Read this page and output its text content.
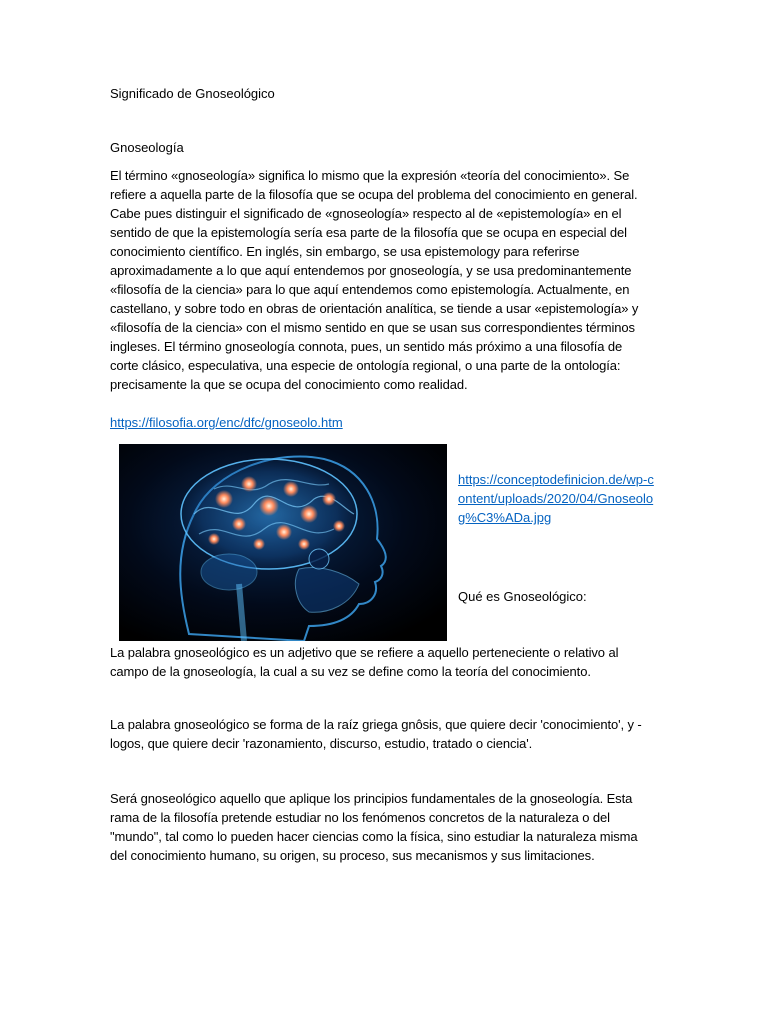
Significado de Gnoseológico
Gnoseología
El término «gnoseología» significa lo mismo que la expresión «teoría del conocimiento». Se refiere a aquella parte de la filosofía que se ocupa del problema del conocimiento en general. Cabe pues distinguir el significado de «gnoseología» respecto al de «epistemología» en el sentido de que la epistemología sería esa parte de la filosofía que se ocupa en especial del conocimiento científico. En inglés, sin embargo, se usa epistemology para referirse aproximadamente a lo que aquí entendemos por gnoseología, y se usa predominantemente «filosofía de la ciencia» para lo que aquí entendemos como epistemología. Actualmente, en castellano, y sobre todo en obras de orientación analítica, se tiende a usar «epistemología» y «filosofía de la ciencia» con el mismo sentido en que se usan sus correspondientes términos ingleses. El término gnoseología connota, pues, un sentido más próximo a una filosofía de corte clásico, especulativa, una especie de ontología regional, o una parte de la ontología: precisamente la que se ocupa del conocimiento como realidad.
https://filosofia.org/enc/dfc/gnoseolo.htm
https://conceptodefinicion.de/wp-content/uploads/2020/04/Gnoseolog%C3%ADa.jpg
Qué es Gnoseológico:
La palabra gnoseológico es un adjetivo que se refiere a aquello perteneciente o relativo al campo de la gnoseología, la cual a su vez se define como la teoría del conocimiento.
La palabra gnoseológico se forma de la raíz griega gnôsis, que quiere decir 'conocimiento', y -logos, que quiere decir 'razonamiento, discurso, estudio, tratado o ciencia'.
Será gnoseológico aquello que aplique los principios fundamentales de la gnoseología. Esta rama de la filosofía pretende estudiar no los fenómenos concretos de la naturaleza o del "mundo", tal como lo pueden hacer ciencias como la física, sino estudiar la naturaleza misma del conocimiento humano, su origen, su proceso, sus mecanismos y sus limitaciones.
